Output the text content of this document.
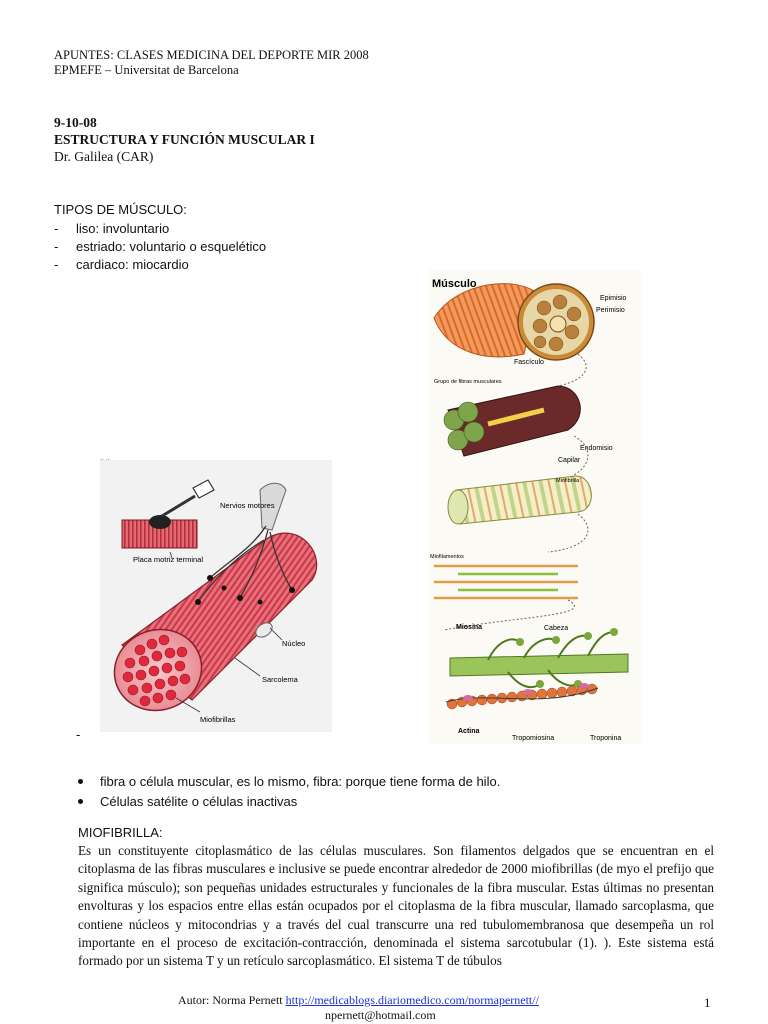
APUNTES: CLASES MEDICINA DEL DEPORTE MIR 2008
EPMEFE – Universitat de Barcelona
9-10-08
ESTRUCTURA Y FUNCIÓN MUSCULAR I
Dr. Galilea (CAR)
TIPOS DE MÚSCULO:
- liso: involuntario
- estriado: voluntario o esquelético
- cardiaco: miocardio
Nervios motores
Placa motriz terminal
Núcleo
Sarcolema
Miofibrillas
Músculo
Epimisio
Perimisio
Fascículo
Grupo de fibras musculares
Endomisio
Capilar
Miofibrilla
Miofilamentos
Miosina	Cabeza
Actina
Tropomiosina	Troponina
-
fibra o célula muscular, es lo mismo, fibra: porque tiene forma de hilo.
Células satélite o células inactivas
MIOFIBRILLA:
Es un constituyente citoplasmático de las células musculares. Son filamentos delgados que se encuentran en el citoplasma de las fibras musculares e inclusive se puede encontrar alrededor de 2000 miofibrillas (de myo el prefijo que significa músculo); son pequeñas unidades estructurales y funcionales de la fibra muscular. Estas últimas no presentan envolturas y los espacios entre ellas están ocupados por el citoplasma de la fibra muscular, llamado sarcoplasma, que contiene núcleos y mitocondrias y a través del cual transcurre una red tubulomembranosa que desempeña un rol importante en el proceso de excitación-contracción, denominada el sistema sarcotubular (1). ). Este sistema está formado por un sistema T y un retículo sarcoplasmático. El sistema T de túbulos
Autor: Norma Pernett http://medicablogs.diariomedico.com/normapernett//
npernett@hotmail.com
1
